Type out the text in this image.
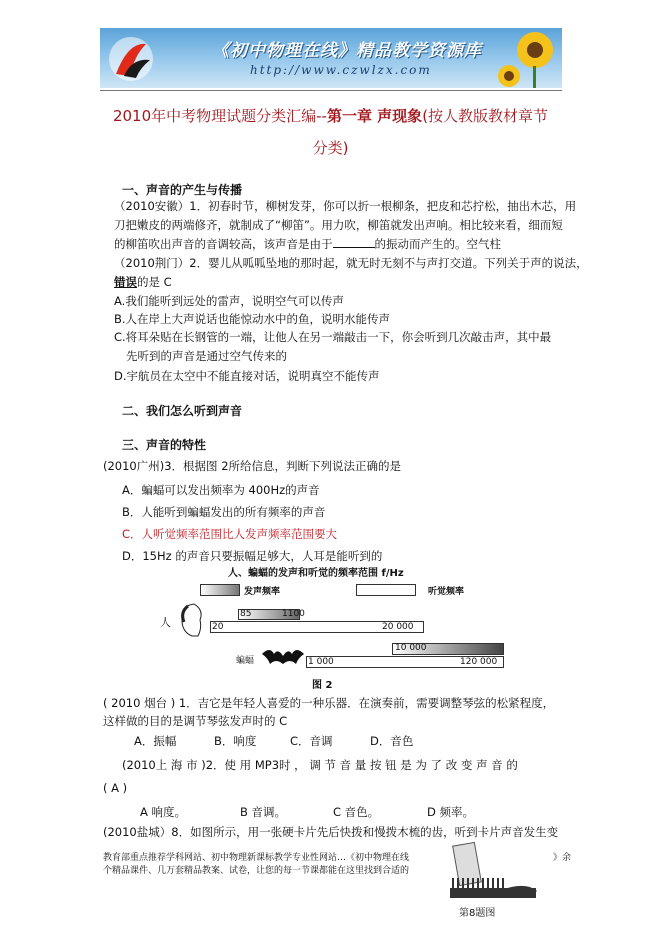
《初中物理在线》精品教学资源库
http://www.czwlzx.com
2010年中考物理试题分类汇编--第一章 声现象(按人教版教材章节
分类)
一、声音的产生与传播
（2010安徽）1．初春时节，柳树发芽，你可以折一根柳条，把皮和芯拧松，抽出木芯，用
刀把嫩皮的两端修齐，就制成了“柳笛”。用力吹，柳笛就发出声响。相比较来看，细而短
的柳笛吹出声音的音调较高，该声音是由于	的振动而产生的。空气柱
（2010荆门）2．婴儿从呱呱坠地的那时起，就无时无刻不与声打交道。下列关于声的说法，
错误的是 C
A.我们能听到远处的雷声，说明空气可以传声
B.人在岸上大声说话也能惊动水中的鱼，说明水能传声
C.将耳朵贴在长钢管的一端，让他人在另一端敲击一下，你会听到几次敲击声，其中最
先听到的声音是通过空气传来的
D.宇航员在太空中不能直接对话，说明真空不能传声
二、我们怎么听到声音
三、声音的特性
(2010广州)3．根据图 2所给信息，判断下列说法正确的是
A．蝙蝠可以发出频率为 400Hz的声音
B．人能听到蝙蝠发出的所有频率的声音
C．人听觉频率范围比人发声频率范围要大
D．15Hz 的声音只要振幅足够大，人耳是能听到的
人、蝙蝠的发声和听觉的频率范围 f/Hz
发声频率	听觉频率
人
85	1100
20	20 000
蝙蝠
10 000
1 000	120 000
图 2
( 2010 烟台 ) 1．吉它是年轻人喜爱的一种乐器．在演奏前，需要调整琴弦的松紧程度，
这样做的目的是调节琴弦发声时的 C
A．振幅	B．响度	C．音调	D．音色
(2010上 海 市 )2．使 用 MP3时 ， 调 节 音 量 按 钮 是 为 了 改 变 声 音 的
( A )
A 响度。	B 音调。	C 音色。	D 频率。
(2010盐城）8．如图所示，用一张硬卡片先后快拨和慢拨木梳的齿，听到卡片声音发生变
教育部重点推荐学科网站、初中物理新课标教学专业性网站…《初中物理在线	》余
个精品课件、几万套精品教案、试卷，让您的每一节课都能在这里找到合适的
第8题图
